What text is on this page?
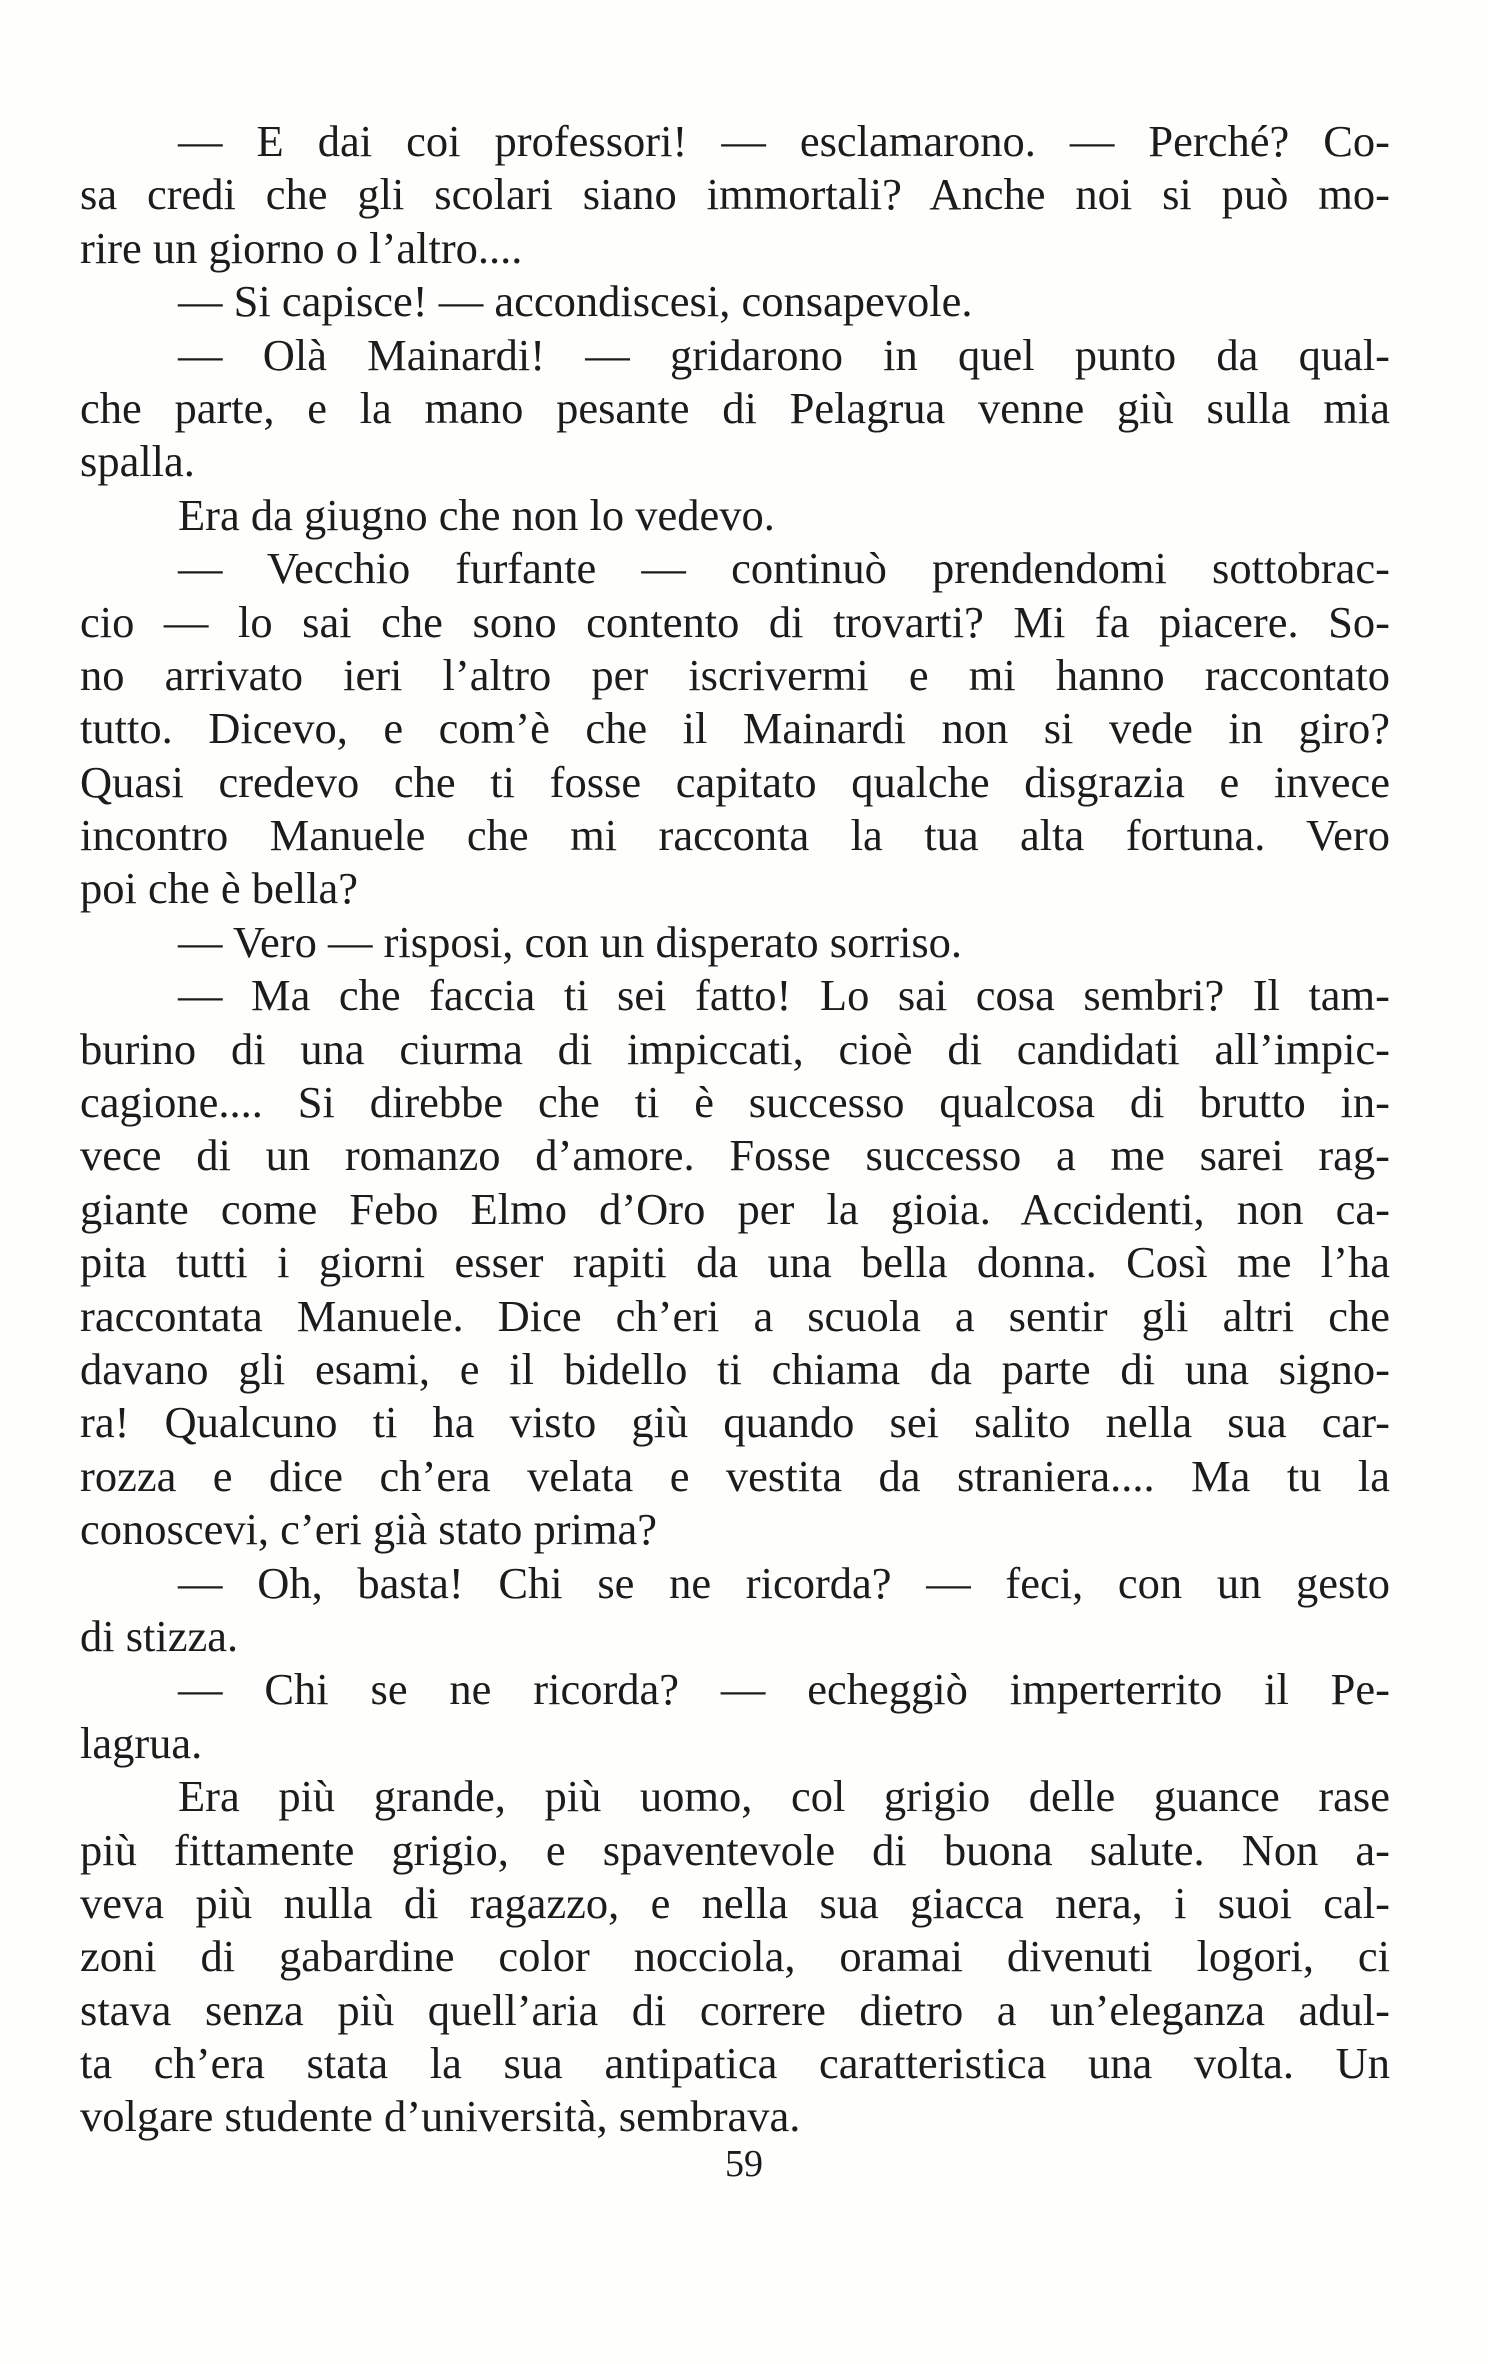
— E dai coi professori! — esclamarono. — Perché? Co-
sa credi che gli scolari siano immortali? Anche noi si può mo-
rire un giorno o l’altro....
— Si capisce! — accondiscesi, consapevole.
— Olà Mainardi! — gridarono in quel punto da qual-
che parte, e la mano pesante di Pelagrua venne giù sulla mia
spalla.
Era da giugno che non lo vedevo.
— Vecchio furfante — continuò prendendomi sottobrac-
cio — lo sai che sono contento di trovarti? Mi fa piacere. So-
no arrivato ieri l’altro per iscrivermi e mi hanno raccontato
tutto. Dicevo, e com’è che il Mainardi non si vede in giro?
Quasi credevo che ti fosse capitato qualche disgrazia e invece
incontro Manuele che mi racconta la tua alta fortuna. Vero
poi che è bella?
— Vero — risposi, con un disperato sorriso.
— Ma che faccia ti sei fatto! Lo sai cosa sembri? Il tam-
burino di una ciurma di impiccati, cioè di candidati all’impic-
cagione.... Si direbbe che ti è successo qualcosa di brutto in-
vece di un romanzo d’amore. Fosse successo a me sarei rag-
giante come Febo Elmo d’Oro per la gioia. Accidenti, non ca-
pita tutti i giorni esser rapiti da una bella donna. Così me l’ha
raccontata Manuele. Dice ch’eri a scuola a sentir gli altri che
davano gli esami, e il bidello ti chiama da parte di una signo-
ra! Qualcuno ti ha visto giù quando sei salito nella sua car-
rozza e dice ch’era velata e vestita da straniera.... Ma tu la
conoscevi, c’eri già stato prima?
— Oh, basta! Chi se ne ricorda? — feci, con un gesto
di stizza.
— Chi se ne ricorda? — echeggiò imperterrito il Pe-
lagrua.
Era più grande, più uomo, col grigio delle guance rase
più fittamente grigio, e spaventevole di buona salute. Non a-
veva più nulla di ragazzo, e nella sua giacca nera, i suoi cal-
zoni di gabardine color nocciola, oramai divenuti logori, ci
stava senza più quell’aria di correre dietro a un’eleganza adul-
ta ch’era stata la sua antipatica caratteristica una volta. Un
volgare studente d’università, sembrava.
59
